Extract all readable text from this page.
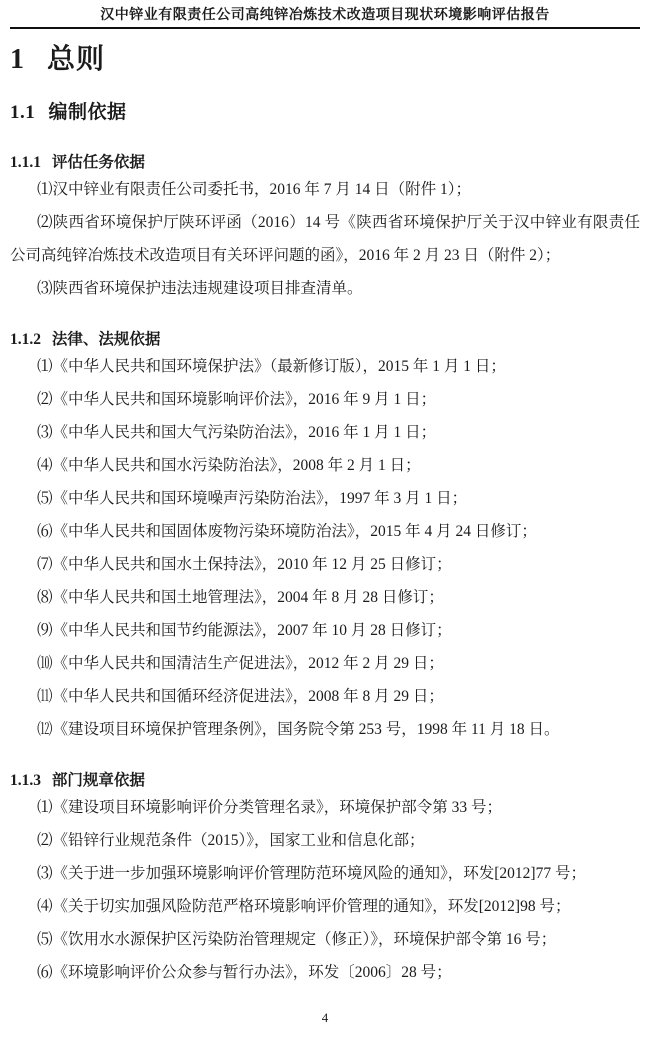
汉中锌业有限责任公司高纯锌冶炼技术改造项目现状环境影响评估报告
1 总则
1.1 编制依据
1.1.1 评估任务依据

⑴汉中锌业有限责任公司委托书，2016 年 7 月 14 日（附件 1）；

⑵陕西省环境保护厅陕环评函（2016）14 号《陕西省环境保护厅关于汉中锌业有限责任公司高纯锌冶炼技术改造项目有关环评问题的函》，2016 年 2 月 23 日（附件 2）；

⑶陕西省环境保护违法违规建设项目排查清单。

1.1.2 法律、法规依据

⑴《中华人民共和国环境保护法》（最新修订版），2015 年 1 月 1 日；

⑵《中华人民共和国环境影响评价法》，2016 年 9 月 1 日；

⑶《中华人民共和国大气污染防治法》，2016 年 1 月 1 日；

⑷《中华人民共和国水污染防治法》，2008 年 2 月 1 日；

⑸《中华人民共和国环境噪声污染防治法》，1997 年 3 月 1 日；

⑹《中华人民共和国固体废物污染环境防治法》，2015 年 4 月 24 日修订；

⑺《中华人民共和国水土保持法》，2010 年 12 月 25 日修订；

⑻《中华人民共和国土地管理法》，2004 年 8 月 28 日修订；

⑼《中华人民共和国节约能源法》，2007 年 10 月 28 日修订；

⑽《中华人民共和国清洁生产促进法》，2012 年 2 月 29 日；

⑾《中华人民共和国循环经济促进法》，2008 年 8 月 29 日；

⑿《建设项目环境保护管理条例》，国务院令第 253 号，1998 年 11 月 18 日。

1.1.3 部门规章依据

⑴《建设项目环境影响评价分类管理名录》，环境保护部令第 33 号；

⑵《铅锌行业规范条件（2015）》，国家工业和信息化部；

⑶《关于进一步加强环境影响评价管理防范环境风险的通知》，环发[2012]77 号；

⑷《关于切实加强风险防范严格环境影响评价管理的通知》，环发[2012]98 号；

⑸《饮用水水源保护区污染防治管理规定（修正）》，环境保护部令第 16 号；

⑹《环境影响评价公众参与暂行办法》，环发〔2006〕28 号；

4
